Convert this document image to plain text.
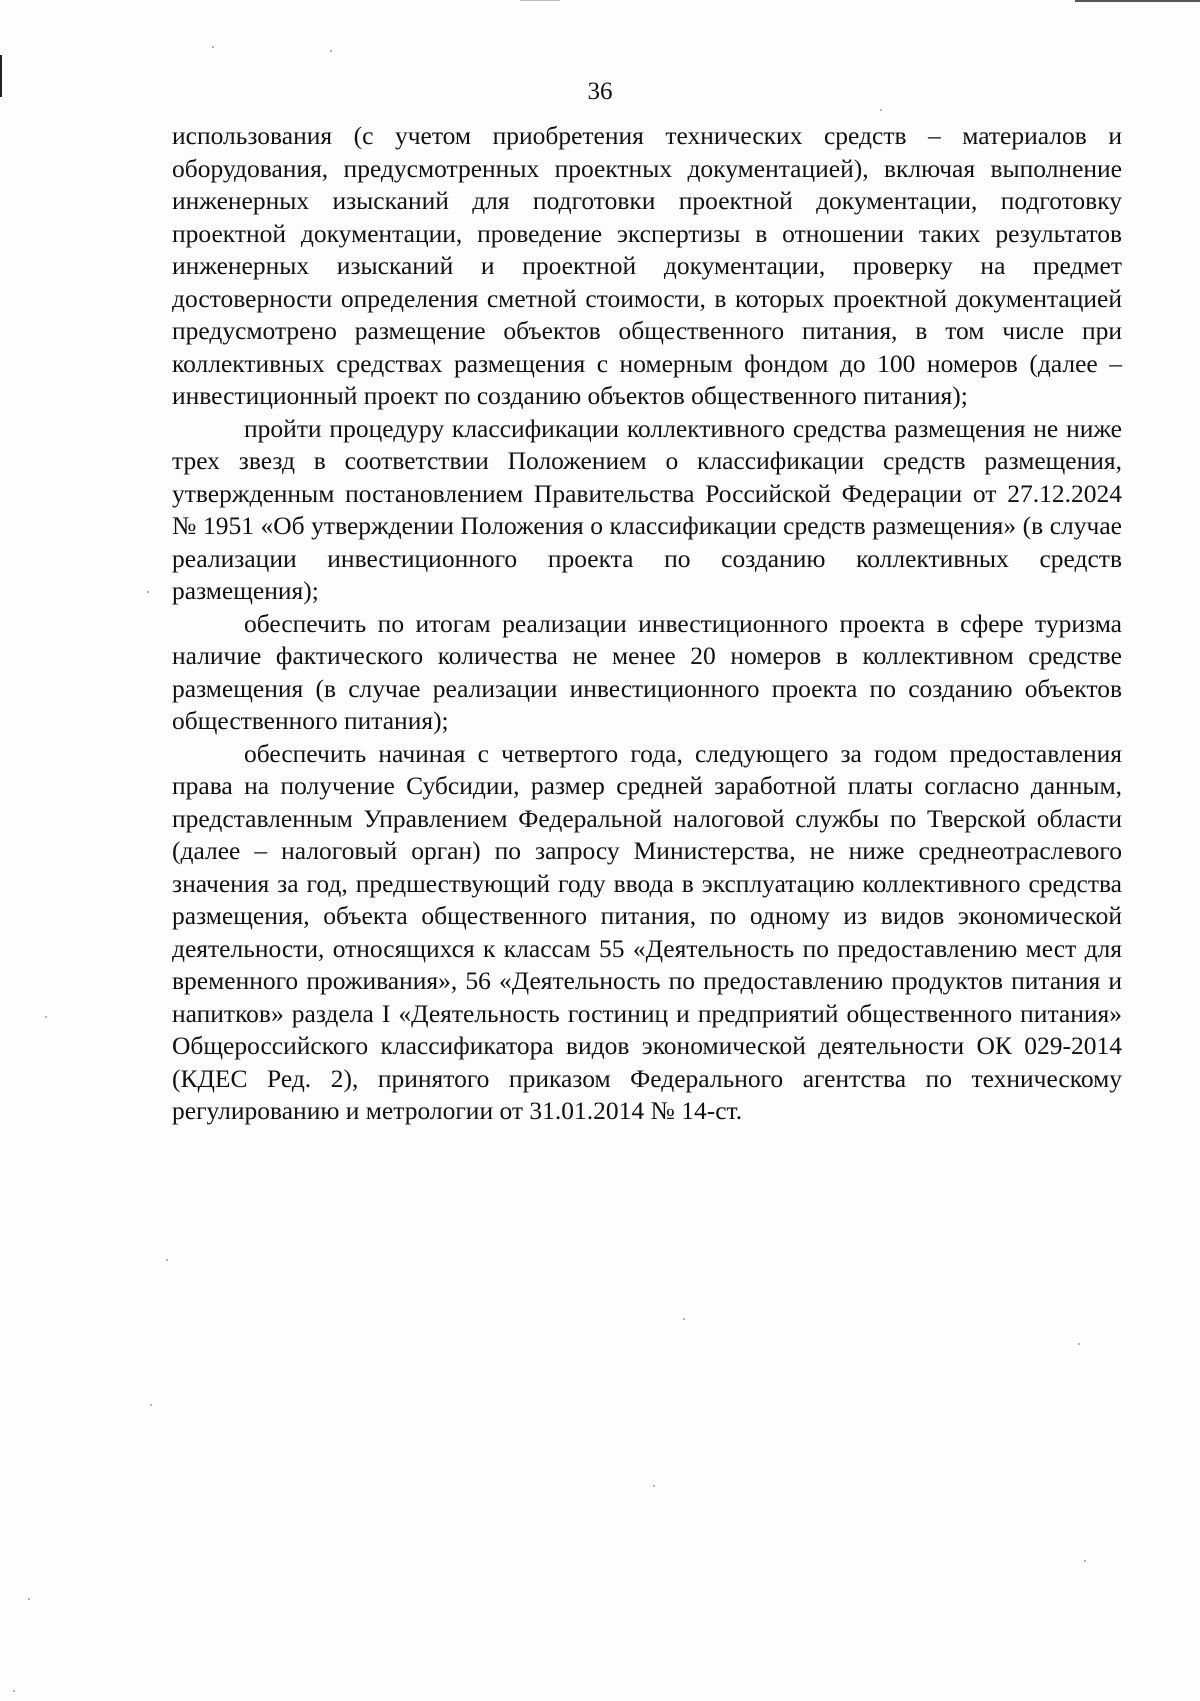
36

использования (с учетом приобретения технических средств – материалов и оборудования, предусмотренных проектных документацией), включая выполнение инженерных изысканий для подготовки проектной документации, подготовку проектной документации, проведение экспертизы в отношении таких результатов инженерных изысканий и проектной документации, проверку на предмет достоверности определения сметной стоимости, в которых проектной документацией предусмотрено размещение объектов общественного питания, в том числе при коллективных средствах размещения с номерным фондом до 100 номеров (далее – инвестиционный проект по созданию объектов общественного питания);

пройти процедуру классификации коллективного средства размещения не ниже трех звезд в соответствии Положением о классификации средств размещения, утвержденным постановлением Правительства Российской Федерации от 27.12.2024 № 1951 «Об утверждении Положения о классификации средств размещения» (в случае реализации инвестиционного проекта по созданию коллективных средств размещения);

обеспечить по итогам реализации инвестиционного проекта в сфере туризма наличие фактического количества не менее 20 номеров в коллективном средстве размещения (в случае реализации инвестиционного проекта по созданию объектов общественного питания);

обеспечить начиная с четвертого года, следующего за годом предоставления права на получение Субсидии, размер средней заработной платы согласно данным, представленным Управлением Федеральной налоговой службы по Тверской области (далее – налоговый орган) по запросу Министерства, не ниже среднеотраслевого значения за год, предшествующий году ввода в эксплуатацию коллективного средства размещения, объекта общественного питания, по одному из видов экономической деятельности, относящихся к классам 55 «Деятельность по предоставлению мест для временного проживания», 56 «Деятельность по предоставлению продуктов питания и напитков» раздела I «Деятельность гостиниц и предприятий общественного питания» Общероссийского классификатора видов экономической деятельности ОК 029-2014 (КДЕС Ред. 2), принятого приказом Федерального агентства по техническому регулированию и метрологии от 31.01.2014 № 14-ст.
